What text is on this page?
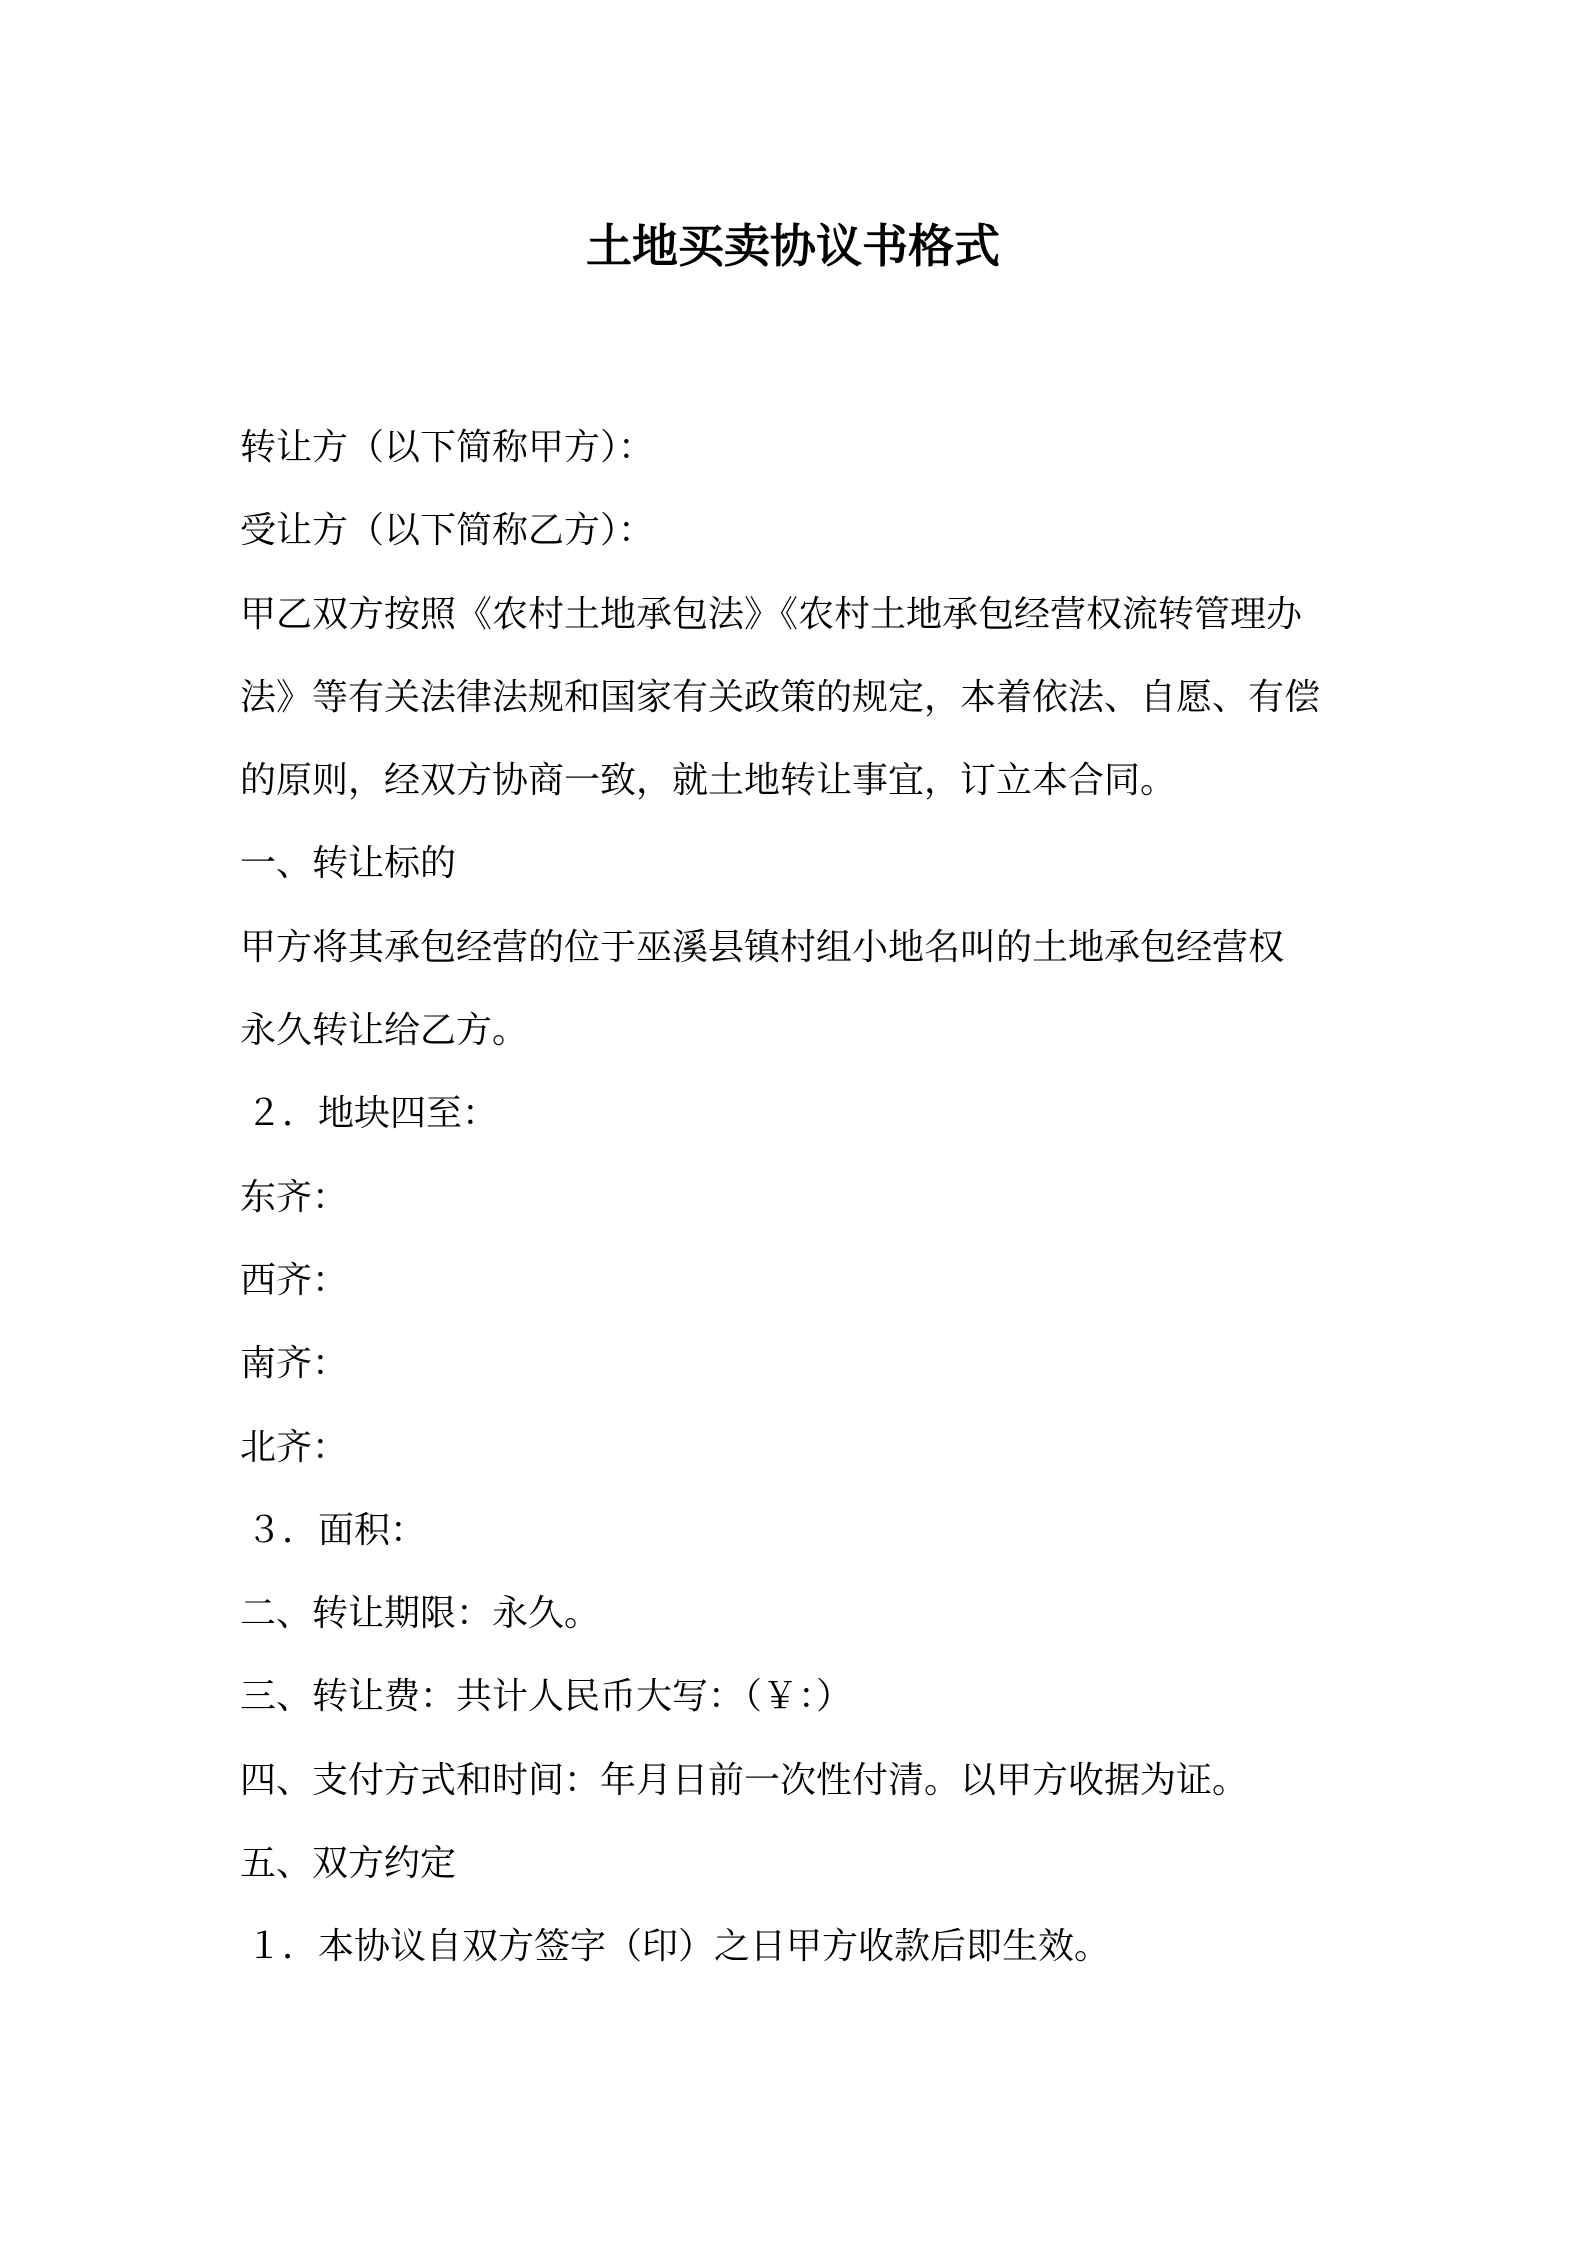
土地买卖协议书格式
转让方（以下简称甲方）：
受让方（以下简称乙方）：
甲乙双方按照《农村土地承包法》《农村土地承包经营权流转管理办
法》等有关法律法规和国家有关政策的规定，本着依法、自愿、有偿
的原则，经双方协商一致，就土地转让事宜，订立本合同。
一、转让标的
甲方将其承包经营的位于巫溪县镇村组小地名叫的土地承包经营权
永久转让给乙方。
２．地块四至：
东齐：
西齐：
南齐：
北齐：
３．面积：
二、转让期限：永久。
三、转让费：共计人民币大写：（￥：）
四、支付方式和时间：年月日前一次性付清。以甲方收据为证。
五、双方约定
１．本协议自双方签字（印）之日甲方收款后即生效。
